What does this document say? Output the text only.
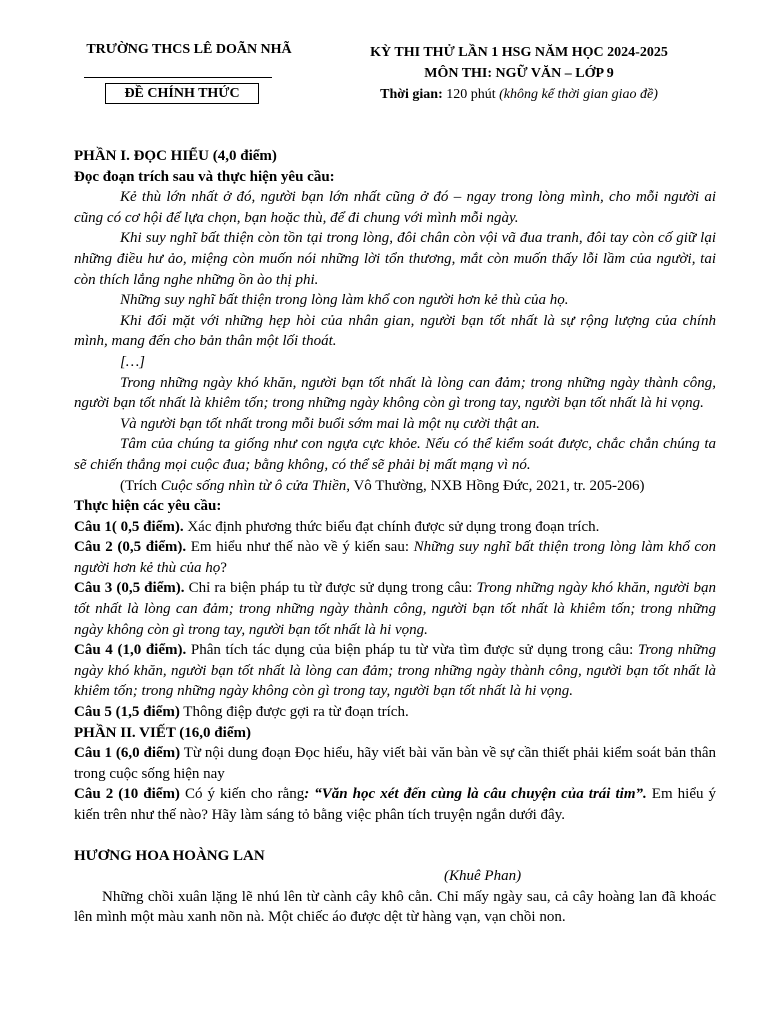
TRƯỜNG THCS LÊ DOÃN NHÃ
ĐỀ CHÍNH THỨC
KỲ THI THỬ LẦN 1 HSG NĂM HỌC 2024-2025
MÔN THI: NGỮ VĂN – LỚP 9
Thời gian: 120 phút (không kể thời gian giao đề)

PHẦN I. ĐỌC HIỂU (4,0 điểm)

Đọc đoạn trích sau và thực hiện yêu cầu:

Kẻ thù lớn nhất ở đó, người bạn lớn nhất cũng ở đó – ngay trong lòng mình, cho mỗi người ai cũng có cơ hội để lựa chọn, bạn hoặc thù, để đi chung với mình mỗi ngày.

Khi suy nghĩ bất thiện còn tồn tại trong lòng, đôi chân còn vội vã đua tranh, đôi tay còn cố giữ lại những điều hư ảo, miệng còn muốn nói những lời tổn thương, mắt còn muốn thấy lỗi lầm của người, tai còn thích lắng nghe những ồn ào thị phi.

Những suy nghĩ bất thiện trong lòng làm khổ con người hơn kẻ thù của họ.

Khi đối mặt với những hẹp hòi của nhân gian, người bạn tốt nhất là sự rộng lượng của chính mình, mang đến cho bản thân một lối thoát.

[…]

Trong những ngày khó khăn, người bạn tốt nhất là lòng can đảm; trong những ngày thành công, người bạn tốt nhất là khiêm tốn; trong những ngày không còn gì trong tay, người bạn tốt nhất là hi vọng.

Và người bạn tốt nhất trong mỗi buổi sớm mai là một nụ cười thật an.

Tâm của chúng ta giống như con ngựa cực khỏe. Nếu có thể kiểm soát được, chắc chắn chúng ta sẽ chiến thắng mọi cuộc đua; bằng không, có thể sẽ phải bị mất mạng vì nó.

(Trích Cuộc sống nhìn từ ô cửa Thiền, Vô Thường, NXB Hồng Đức, 2021, tr. 205-206)

Thực hiện các yêu cầu:

Câu 1( 0,5 điểm). Xác định phương thức biểu đạt chính được sử dụng trong đoạn trích.

Câu 2 (0,5 điểm). Em hiểu như thế nào về ý kiến sau: Những suy nghĩ bất thiện trong lòng làm khổ con người hơn kẻ thù của họ?

Câu 3 (0,5 điểm). Chỉ ra biện pháp tu từ được sử dụng trong câu: Trong những ngày khó khăn, người bạn tốt nhất là lòng can đảm; trong những ngày thành công, người bạn tốt nhất là khiêm tốn; trong những ngày không còn gì trong tay, người bạn tốt nhất là hi vọng.

Câu 4 (1,0 điểm). Phân tích tác dụng của biện pháp tu từ vừa tìm được sử dụng trong câu: Trong những ngày khó khăn, người bạn tốt nhất là lòng can đảm; trong những ngày thành công, người bạn tốt nhất là khiêm tốn; trong những ngày không còn gì trong tay, người bạn tốt nhất là hi vọng.

Câu 5 (1,5 điểm) Thông điệp được gợi ra từ đoạn trích.

PHẦN II. VIẾT (16,0 điểm)

Câu 1 (6,0 điểm) Từ nội dung đoạn Đọc hiểu, hãy viết bài văn bàn về sự cần thiết phải kiểm soát bản thân trong cuộc sống hiện nay

Câu 2 (10 điểm) Có ý kiến cho rằng: “Văn học xét đến cùng là câu chuyện của trái tim”. Em hiểu ý kiến trên như thế nào? Hãy làm sáng tỏ bằng việc phân tích truyện ngắn dưới đây.

HƯƠNG HOA HOÀNG LAN

(Khuê Phan)

Những chồi xuân lặng lẽ nhú lên từ cành cây khô cằn. Chỉ mấy ngày sau, cả cây hoàng lan đã khoác lên mình một màu xanh nõn nà. Một chiếc áo được dệt từ hàng vạn, vạn chồi non.
